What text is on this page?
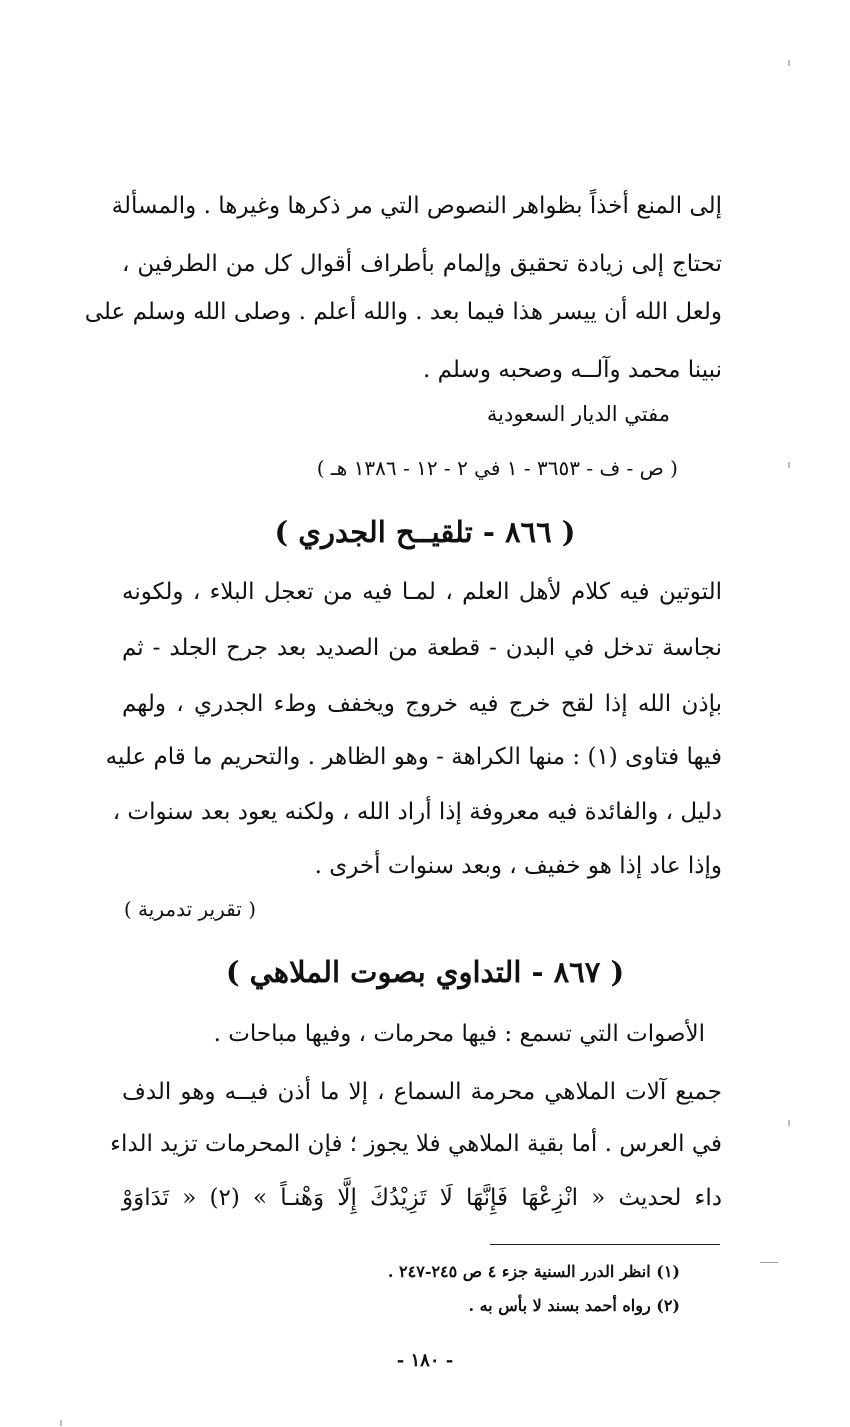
إلى المنع أخذاً بظواهر النصوص التي مر ذكرها وغيرها . والمسألة
تحتاج إلى زيادة تحقيق وإلمام بأطراف أقوال كل من الطرفين ،
ولعل الله أن ييسر هذا فيما بعد . والله أعلم . وصلى الله وسلم على
نبينا محمد وآلــه وصحبه وسلم .
مفتي الديار السعودية
( ص - ف - ٣٦٥٣ - ١ في ٢ - ١٢ - ١٣٨٦ هـ )
( ٨٦٦ - تلقيــح الجدري )
التوتين فيه كلام لأهل العلم ، لمـا فيه من تعجل البلاء ، ولكونه
نجاسة تدخل في البدن - قطعة من الصديد بعد جرح الجلد - ثم
بإذن الله إذا لقح خرج فيه خروج ويخفف وطء الجدري ، ولهم
فيها فتاوى (١) : منها الكراهة - وهو الظاهر . والتحريم ما قام عليه
دليل ، والفائدة فيه معروفة إذا أراد الله ، ولكنه يعود بعد سنوات ،
وإذا عاد إذا هو خفيف ، وبعد سنوات أخرى .
( تقرير تدمرية )
( ٨٦٧ - التداوي بصوت الملاهي )
الأصوات التي تسمع : فيها محرمات ، وفيها مباحات .
جميع آلات الملاهي محرمة السماع ، إلا ما أذن فيــه وهو الدف
في العرس . أما بقية الملاهي فلا يجوز ؛ فإن المحرمات تزيد الداء
داء لحديث « انْزِعْهَا فَإِنَّهَا لَا تَزِيْدُكَ إِلَّا وَهْنـاً » (٢) « تَدَاوَوْ
(١) انظر الدرر السنية جزء ٤ ص ٢٤٥-٢٤٧ .
(٢) رواه أحمد بسند لا بأس به .
- ١٨٠ -
